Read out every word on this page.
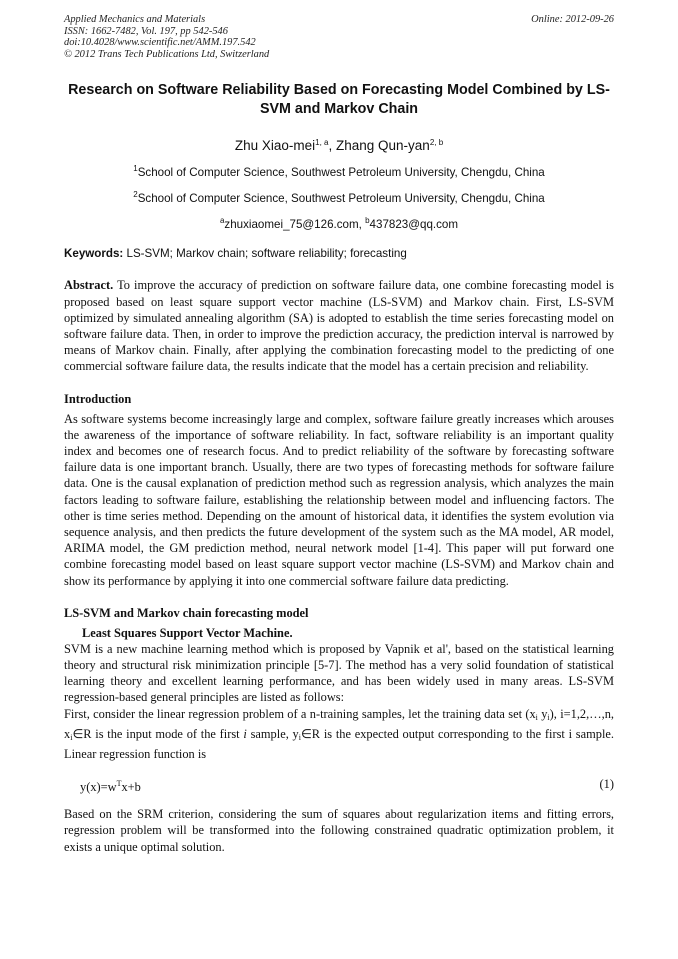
Applied Mechanics and Materials
ISSN: 1662-7482, Vol. 197, pp 542-546
doi:10.4028/www.scientific.net/AMM.197.542
© 2012 Trans Tech Publications Ltd, Switzerland
Online: 2012-09-26
Research on Software Reliability Based on Forecasting Model Combined by LS-SVM and Markov Chain
Zhu Xiao-mei$^{1, a}$, Zhang Qun-yan$^{2, b}$
$^1$School of Computer Science, Southwest Petroleum University, Chengdu, China
$^2$School of Computer Science, Southwest Petroleum University, Chengdu, China
$^a$zhuxiaomei_75@126.com, $^b$437823@qq.com
Keywords: LS-SVM; Markov chain; software reliability; forecasting
Abstract. To improve the accuracy of prediction on software failure data, one combine forecasting model is proposed based on least square support vector machine (LS-SVM) and Markov chain. First, LS-SVM optimized by simulated annealing algorithm (SA) is adopted to establish the time series forecasting model on software failure data. Then, in order to improve the prediction accuracy, the prediction interval is narrowed by means of Markov chain. Finally, after applying the combination forecasting model to the predicting of one commercial software failure data, the results indicate that the model has a certain precision and reliability.
Introduction
As software systems become increasingly large and complex, software failure greatly increases which arouses the awareness of the importance of software reliability. In fact, software reliability is an important quality index and becomes one of research focus. And to predict reliability of the software by forecasting software failure data is one important branch. Usually, there are two types of forecasting methods for software failure data. One is the causal explanation of prediction method such as regression analysis, which analyzes the main factors leading to software failure, establishing the relationship between model and influencing factors. The other is time series method. Depending on the amount of historical data, it identifies the system evolution via sequence analysis, and then predicts the future development of the system such as the MA model, AR model, ARIMA model, the GM prediction method, neural network model [1-4]. This paper will put forward one combine forecasting model based on least square support vector machine (LS-SVM) and Markov chain and show its performance by applying it into one commercial software failure data predicting.
LS-SVM and Markov chain forecasting model
Least Squares Support Vector Machine.
SVM is a new machine learning method which is proposed by Vapnik et al', based on the statistical learning theory and structural risk minimization principle [5-7]. The method has a very solid foundation of statistical learning theory and excellent learning performance, and has been widely used in many areas. LS-SVM regression-based general principles are listed as follows:
First, consider the linear regression problem of a n-training samples, let the training data set ($x_i$ $y_i$), i=1,2,…,n, $x_i\in R$ is the input mode of the first i sample, $y_i\in R$ is the expected output corresponding to the first i sample. Linear regression function is
$y(x)=w^Tx+b$	(1)
Based on the SRM criterion, considering the sum of squares about regularization items and fitting errors, regression problem will be transformed into the following constrained quadratic optimization problem, it exists a unique optimal solution.
